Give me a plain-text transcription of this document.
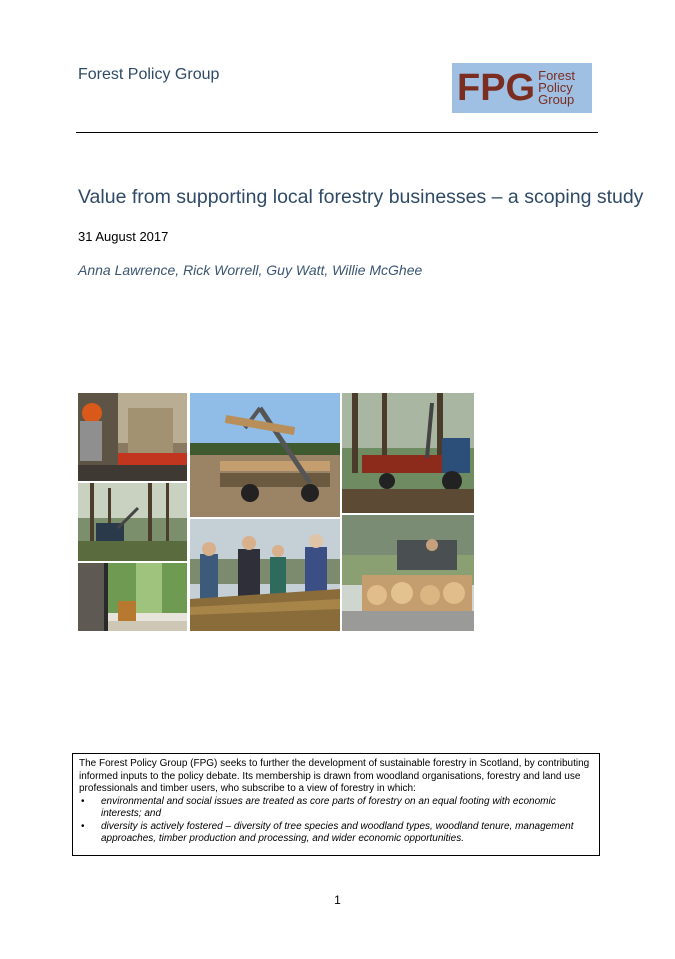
Forest Policy Group	FPG Forest
Policy
Group
Value from supporting local forestry businesses – a scoping study
31 August 2017
Anna Lawrence, Rick Worrell, Guy Watt, Willie McGhee

The Forest Policy Group (FPG) seeks to further the development of sustainable forestry in Scotland, by contributing informed inputs to the policy debate. Its membership is drawn from woodland organisations, forestry and land use professionals and timber users, who subscribe to a view of forestry in which:

• environmental and social issues are treated as core parts of forestry on an equal footing with economic interests; and
• diversity is actively fostered – diversity of tree species and woodland types, woodland tenure, management approaches, timber production and processing, and wider economic opportunities.
1
